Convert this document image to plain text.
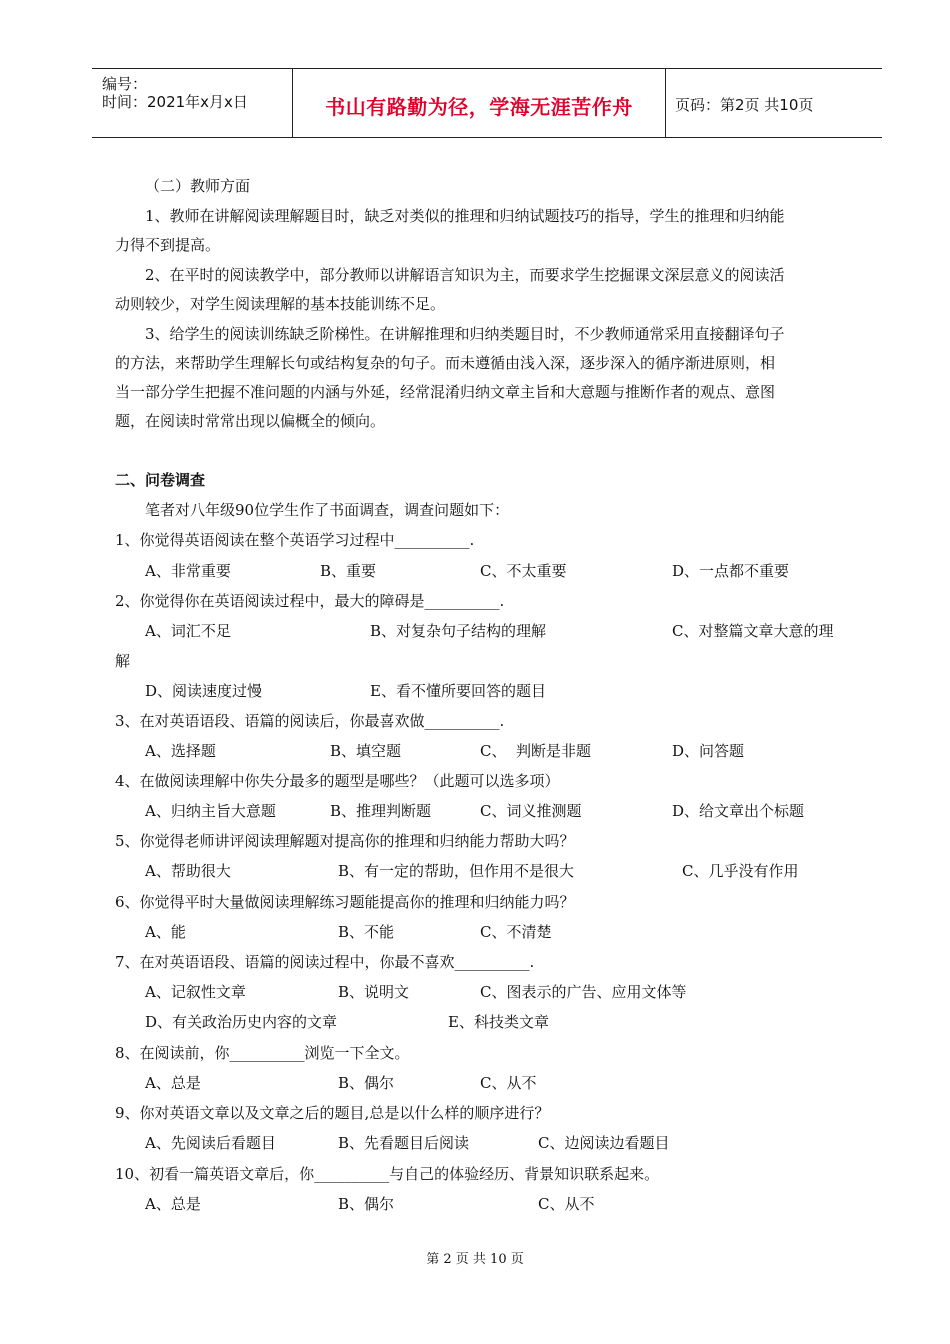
编号：
时间：2021年x月x日	书山有路勤为径，学海无涯苦作舟	页码：第2页 共10页
（二）教师方面
1、教师在讲解阅读理解题目时，缺乏对类似的推理和归纳试题技巧的指导，学生的推理和归纳能
力得不到提高。
2、在平时的阅读教学中，部分教师以讲解语言知识为主，而要求学生挖掘课文深层意义的阅读活
动则较少，对学生阅读理解的基本技能训练不足。
3、给学生的阅读训练缺乏阶梯性。在讲解推理和归纳类题目时，不少教师通常采用直接翻译句子
的方法，来帮助学生理解长句或结构复杂的句子。而未遵循由浅入深，逐步深入的循序渐进原则，相
当一部分学生把握不准问题的内涵与外延，经常混淆归纳文章主旨和大意题与推断作者的观点、意图
题，在阅读时常常出现以偏概全的倾向。
二、问卷调查
笔者对八年级90位学生作了书面调查，调查问题如下：
1、你觉得英语阅读在整个英语学习过程中__________.
A、非常重要	B、重要	C、不太重要	D、一点都不重要
2、你觉得你在英语阅读过程中，最大的障碍是__________.
A、词汇不足	B、对复杂句子结构的理解	C、对整篇文章大意的理
解
D、阅读速度过慢	E、看不懂所要回答的题目
3、在对英语语段、语篇的阅读后，你最喜欢做__________.
A、选择题	B、填空题	C、  判断是非题	D、问答题
4、在做阅读理解中你失分最多的题型是哪些？（此题可以选多项）
A、归纳主旨大意题	B、推理判断题	C、词义推测题	D、给文章出个标题
5、你觉得老师讲评阅读理解题对提高你的推理和归纳能力帮助大吗？
A、帮助很大	B、有一定的帮助，但作用不是很大	C、几乎没有作用
6、你觉得平时大量做阅读理解练习题能提高你的推理和归纳能力吗？
A、能	B、不能	C、不清楚
7、在对英语语段、语篇的阅读过程中，你最不喜欢__________.
A、记叙性文章	B、说明文	C、图表示的广告、应用文体等
D、有关政治历史内容的文章	E、科技类文章
8、在阅读前，你__________浏览一下全文。
A、总是	B、偶尔	C、从不
9、你对英语文章以及文章之后的题目,总是以什么样的顺序进行？
A、先阅读后看题目	B、先看题目后阅读	C、边阅读边看题目
10、初看一篇英语文章后，你__________与自己的体验经历、背景知识联系起来。
A、总是	B、偶尔	C、从不
第 2 页 共 10 页
